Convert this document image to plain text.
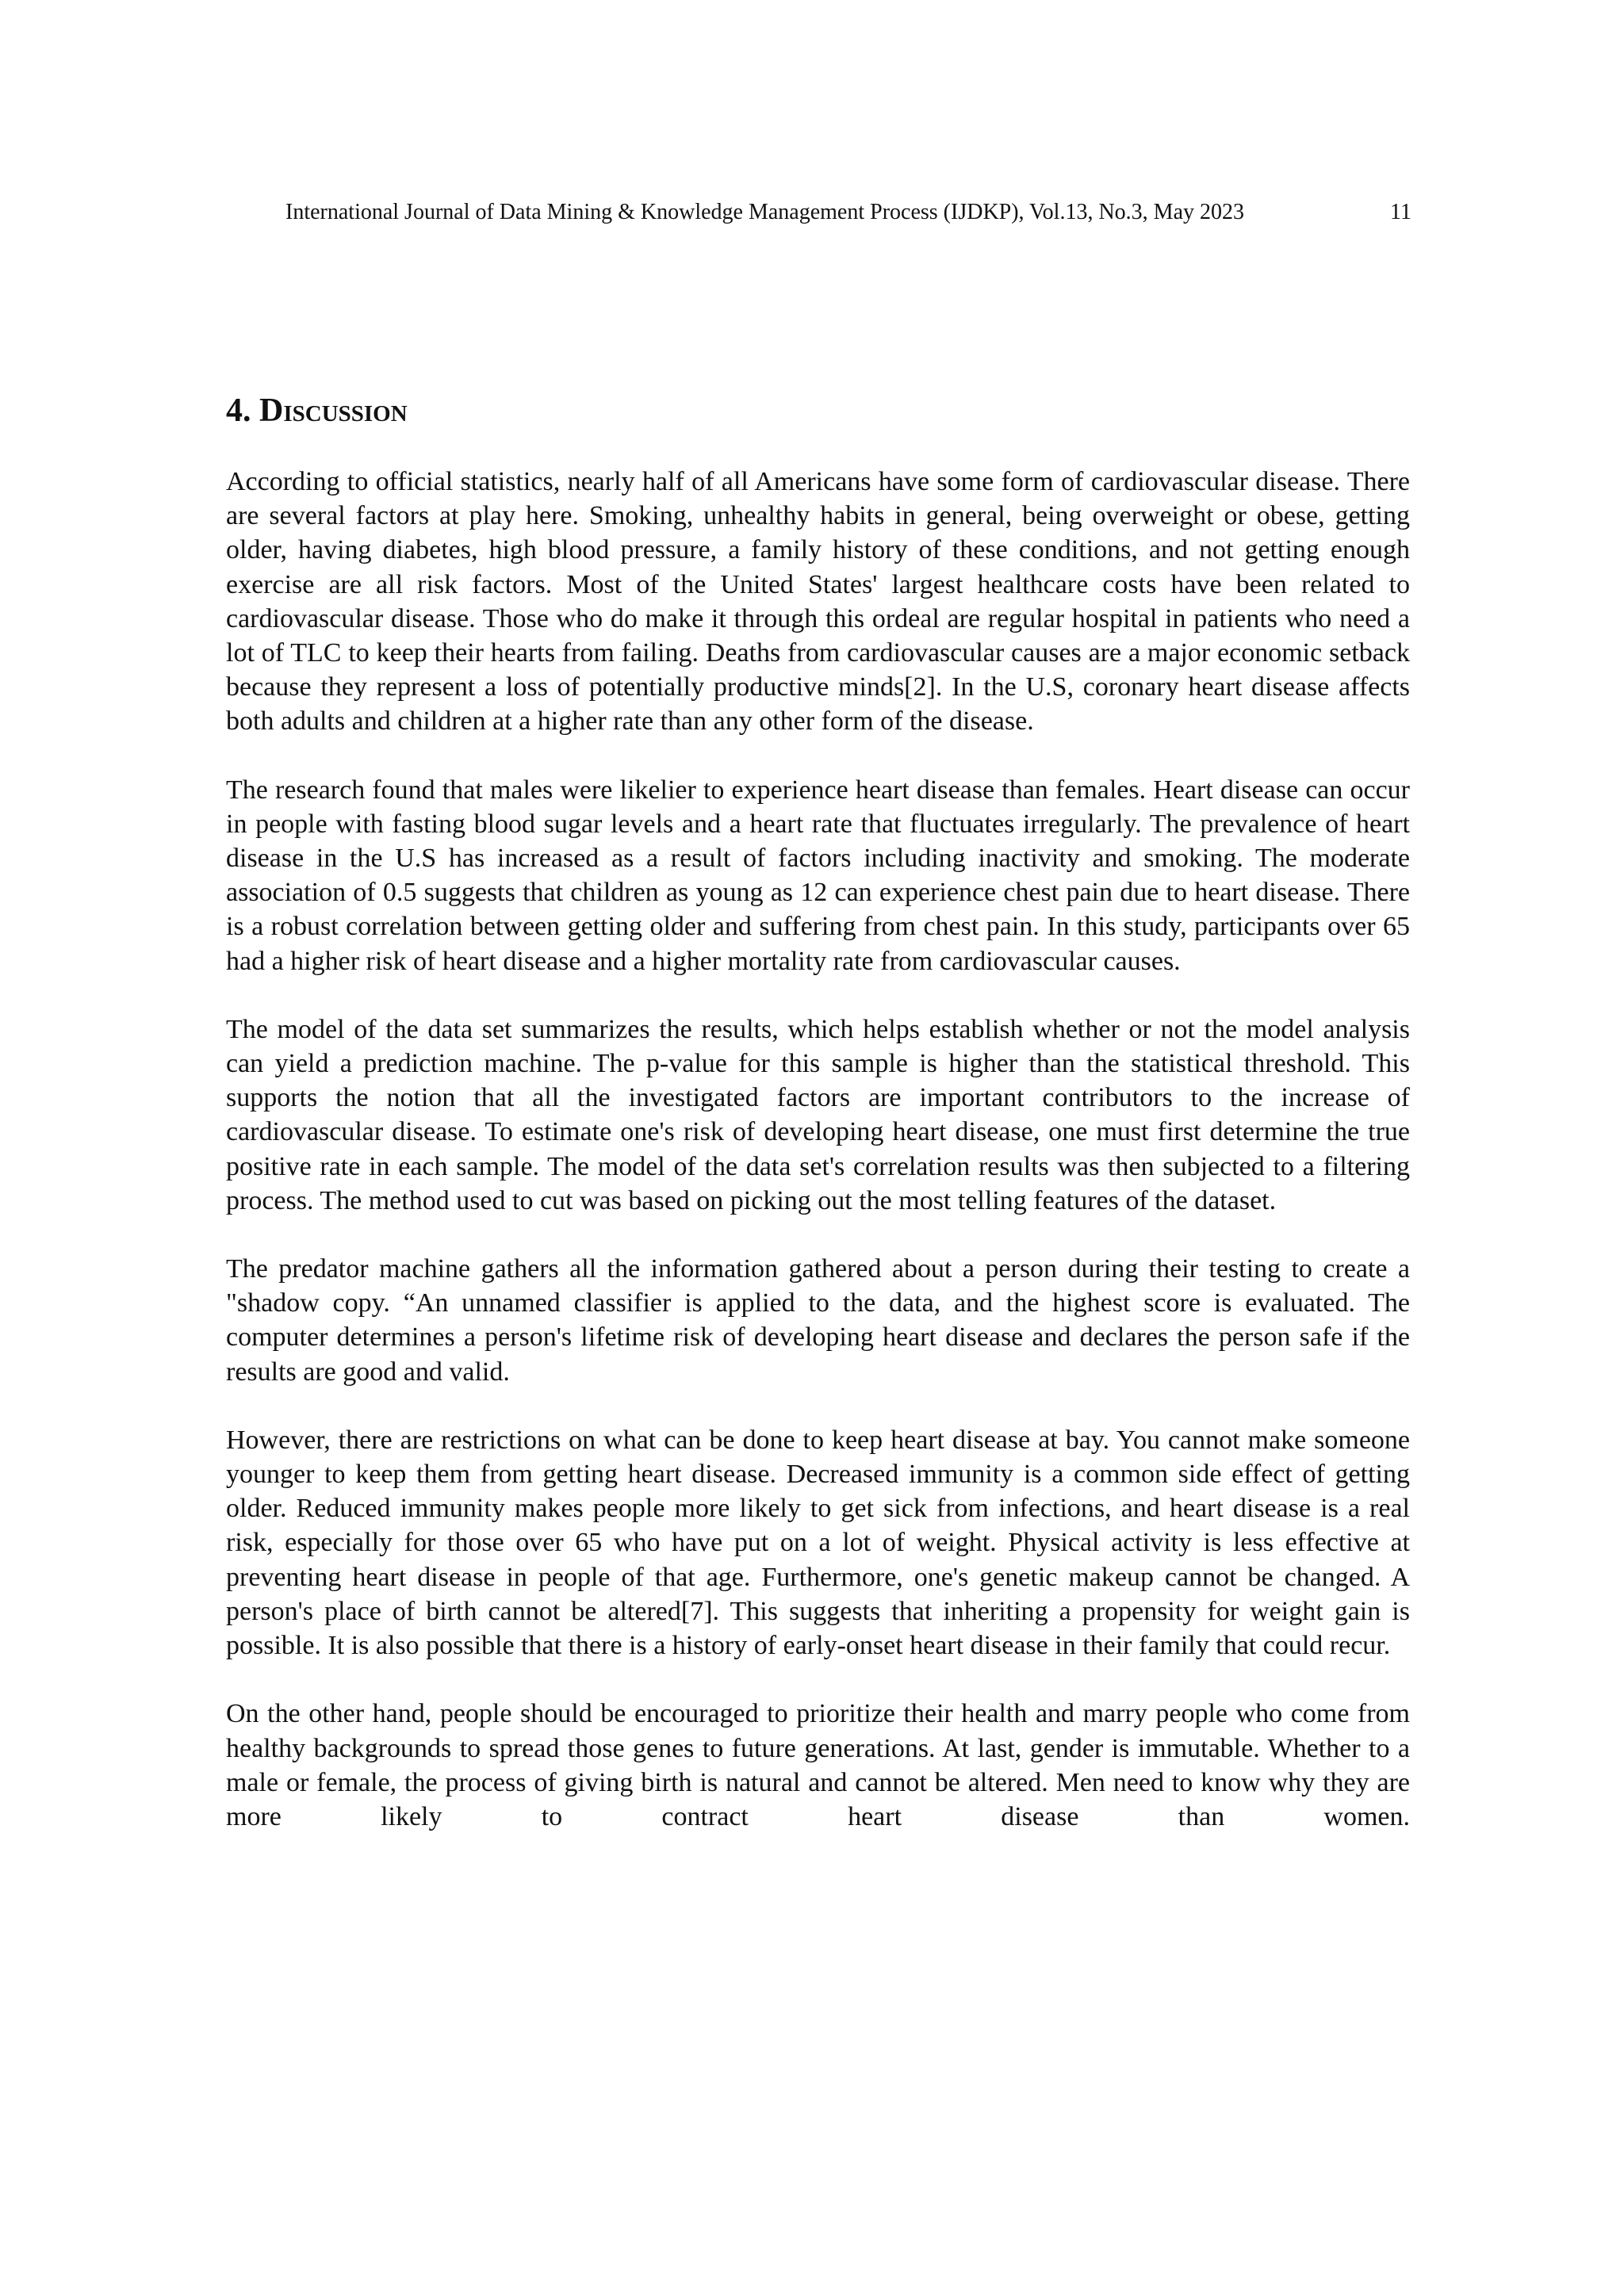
International Journal of Data Mining & Knowledge Management Process (IJDKP), Vol.13, No.3, May 2023	11
4. Discussion

According to official statistics, nearly half of all Americans have some form of cardiovascular disease. There are several factors at play here. Smoking, unhealthy habits in general, being overweight or obese, getting older, having diabetes, high blood pressure, a family history of these conditions, and not getting enough exercise are all risk factors. Most of the United States' largest healthcare costs have been related to cardiovascular disease. Those who do make it through this ordeal are regular hospital in patients who need a lot of TLC to keep their hearts from failing. Deaths from cardiovascular causes are a major economic setback because they represent a loss of potentially productive minds[2]. In the U.S, coronary heart disease affects both adults and children at a higher rate than any other form of the disease.

The research found that males were likelier to experience heart disease than females. Heart disease can occur in people with fasting blood sugar levels and a heart rate that fluctuates irregularly. The prevalence of heart disease in the U.S has increased as a result of factors including inactivity and smoking. The moderate association of 0.5 suggests that children as young as 12 can experience chest pain due to heart disease. There is a robust correlation between getting older and suffering from chest pain. In this study, participants over 65 had a higher risk of heart disease and a higher mortality rate from cardiovascular causes.

The model of the data set summarizes the results, which helps establish whether or not the model analysis can yield a prediction machine. The p-value for this sample is higher than the statistical threshold. This supports the notion that all the investigated factors are important contributors to the increase of cardiovascular disease. To estimate one's risk of developing heart disease, one must first determine the true positive rate in each sample. The model of the data set's correlation results was then subjected to a filtering process. The method used to cut was based on picking out the most telling features of the dataset.

The predator machine gathers all the information gathered about a person during their testing to create a "shadow copy. “An unnamed classifier is applied to the data, and the highest score is evaluated. The computer determines a person's lifetime risk of developing heart disease and declares the person safe if the results are good and valid.

However, there are restrictions on what can be done to keep heart disease at bay. You cannot make someone younger to keep them from getting heart disease. Decreased immunity is a common side effect of getting older. Reduced immunity makes people more likely to get sick from infections, and heart disease is a real risk, especially for those over 65 who have put on a lot of weight. Physical activity is less effective at preventing heart disease in people of that age. Furthermore, one's genetic makeup cannot be changed. A person's place of birth cannot be altered[7]. This suggests that inheriting a propensity for weight gain is possible. It is also possible that there is a history of early-onset heart disease in their family that could recur.

On the other hand, people should be encouraged to prioritize their health and marry people who come from healthy backgrounds to spread those genes to future generations. At last, gender is immutable. Whether to a male or female, the process of giving birth is natural and cannot be altered. Men need to know why they are more likely to contract heart disease than women.
